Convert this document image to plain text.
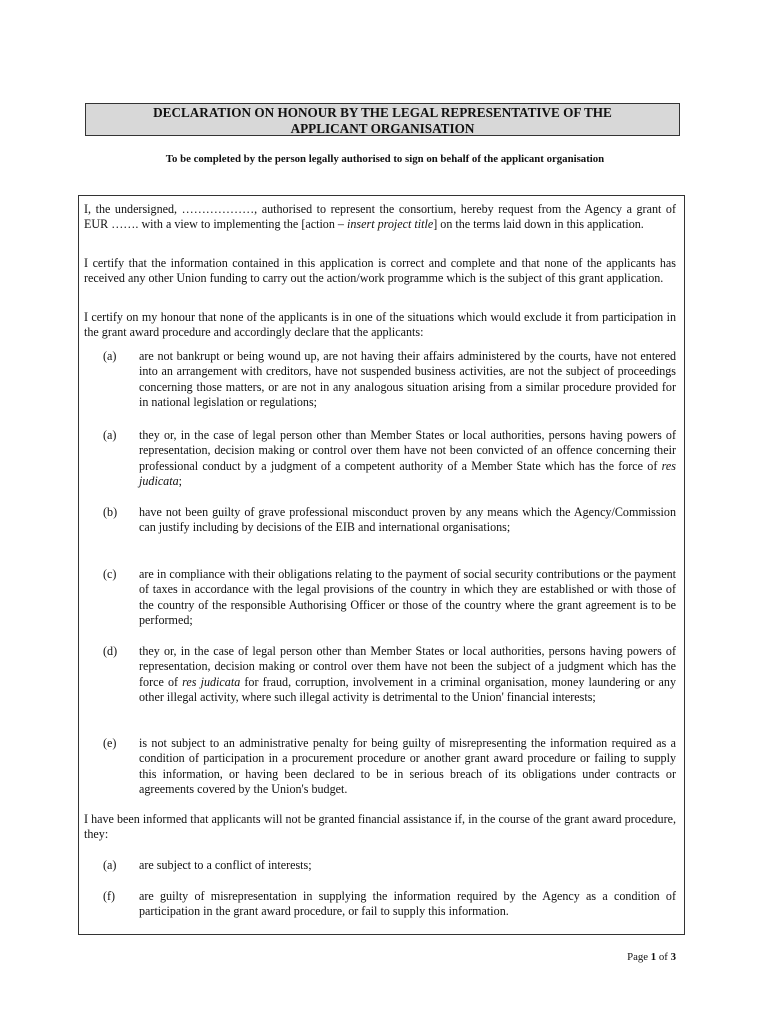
DECLARATION ON HONOUR BY THE LEGAL REPRESENTATIVE OF THE
APPLICANT ORGANISATION
To be completed by the person legally authorised to sign on behalf of the applicant organisation

I, the undersigned, ………………, authorised to represent the consortium, hereby request from the Agency a grant of EUR ……. with a view to implementing the [action – insert project title] on the terms laid down in this application.

I certify that the information contained in this application is correct and complete and that none of the applicants has received any other Union funding to carry out the action/work programme which is the subject of this grant application.

I certify on my honour that none of the applicants is in one of the situations which would exclude it from participation in the grant award procedure and accordingly declare that the applicants:

(a)	are not bankrupt or being wound up, are not having their affairs administered by the courts, have not entered into an arrangement with creditors, have not suspended business activities, are not the subject of proceedings concerning those matters, or are not in any analogous situation arising from a similar procedure provided for in national legislation or regulations;

(a)	they or, in the case of legal person other than Member States or local authorities, persons having powers of representation, decision making or control over them have not been convicted of an offence concerning their professional conduct by a judgment of a competent authority of a Member State which has the force of res judicata;

(b)	have not been guilty of grave professional misconduct proven by any means which the Agency/Commission can justify including by decisions of the EIB and international organisations;

(c)	are in compliance with their obligations relating to the payment of social security contributions or the payment of taxes in accordance with the legal provisions of the country in which they are established or with those of the country of the responsible Authorising Officer or those of the country where the grant agreement is to be performed;

(d)	they or, in the case of legal person other than Member States or local authorities, persons having powers of representation, decision making or control over them have not been the subject of a judgment which has the force of res judicata for fraud, corruption, involvement in a criminal organisation, money laundering or any other illegal activity, where such illegal activity is detrimental to the Union' financial interests;

(e)	is not subject to an administrative penalty for being guilty of misrepresenting the information required as a condition of participation in a procurement procedure or another grant award procedure or failing to supply this information, or having been declared to be in serious breach of its obligations under contracts or agreements covered by the Union's budget.

I have been informed that applicants will not be granted financial assistance if, in the course of the grant award procedure, they:

(a)	are subject to a conflict of interests;

(f)	are guilty of misrepresentation in supplying the information required by the Agency as a condition of participation in the grant award procedure, or fail to supply this information.

Page 1 of 3
